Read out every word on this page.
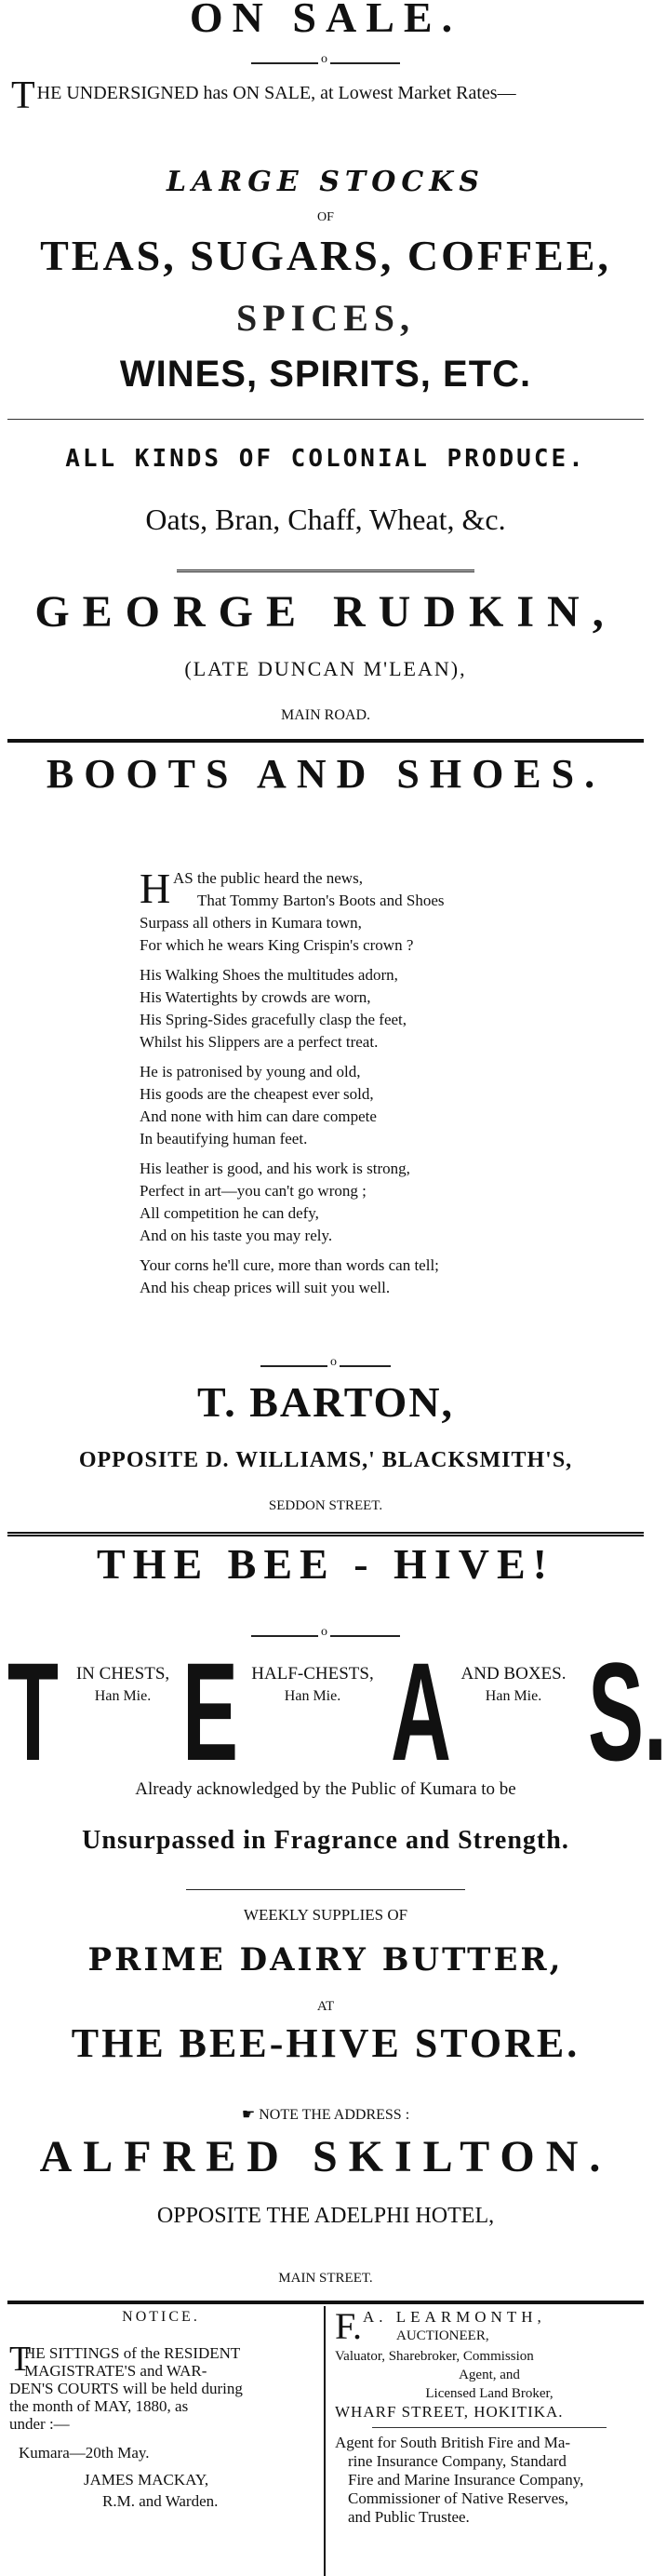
ON SALE.
o
T HE UNDERSIGNED has ON SALE, at Lowest Market Rates—
LARGE STOCKS
OF
TEAS, SUGARS, COFFEE,
SPICES,
WINES, SPIRITS, ETC.
ALL KINDS OF COLONIAL PRODUCE.
Oats, Bran, Chaff, Wheat, &c.
GEORGE RUDKIN,
(LATE DUNCAN M'LEAN),
MAIN ROAD.
BOOTS AND SHOES.
H AS the public heard the news,

That Tommy Barton's Boots and Shoes

Surpass all others in Kumara town,

For which he wears King Crispin's crown ?

His Walking Shoes the multitudes adorn,

His Watertights by crowds are worn,

His Spring-Sides gracefully clasp the feet,

Whilst his Slippers are a perfect treat.

He is patronised by young and old,

His goods are the cheapest ever sold,

And none with him can dare compete

In beautifying human feet.

His leather is good, and his work is strong,

Perfect in art—you can't go wrong ;

All competition he can defy,

And on his taste you may rely.

Your corns he'll cure, more than words can tell;

And his cheap prices will suit you well.

o
T. BARTON,
OPPOSITE D. WILLIAMS,' BLACKSMITH'S,
SEDDON STREET.
THE BEE - HIVE!
o
T E A S.
IN CHESTS,
Han Mie.
HALF-CHESTS,
Han Mie.
AND BOXES.
Han Mie.
Already acknowledged by the Public of Kumara to be
Unsurpassed in Fragrance and Strength.
WEEKLY SUPPLIES OF
PRIME DAIRY BUTTER,
AT
THE BEE-HIVE STORE.
☛ NOTE THE ADDRESS :
ALFRED SKILTON.
OPPOSITE THE ADELPHI HOTEL,
MAIN STREET.
NOTICE.
T
HE SITTINGS of the RESIDENT
MAGISTRATE'S and WAR-
DEN'S COURTS will be held during
the month of MAY, 1880, as
under :—
Kumara—20th May.
JAMES MACKAY,
R.M. and Warden.
F. A. LEARMONTH,
AUCTIONEER,
Valuator, Sharebroker, Commission
Agent, and
Licensed Land Broker,
WHARF STREET, HOKITIKA.
Agent for South British Fire and Ma-
rine Insurance Company, Standard
Fire and Marine Insurance Company,
Commissioner of Native Reserves,
and Public Trustee.
